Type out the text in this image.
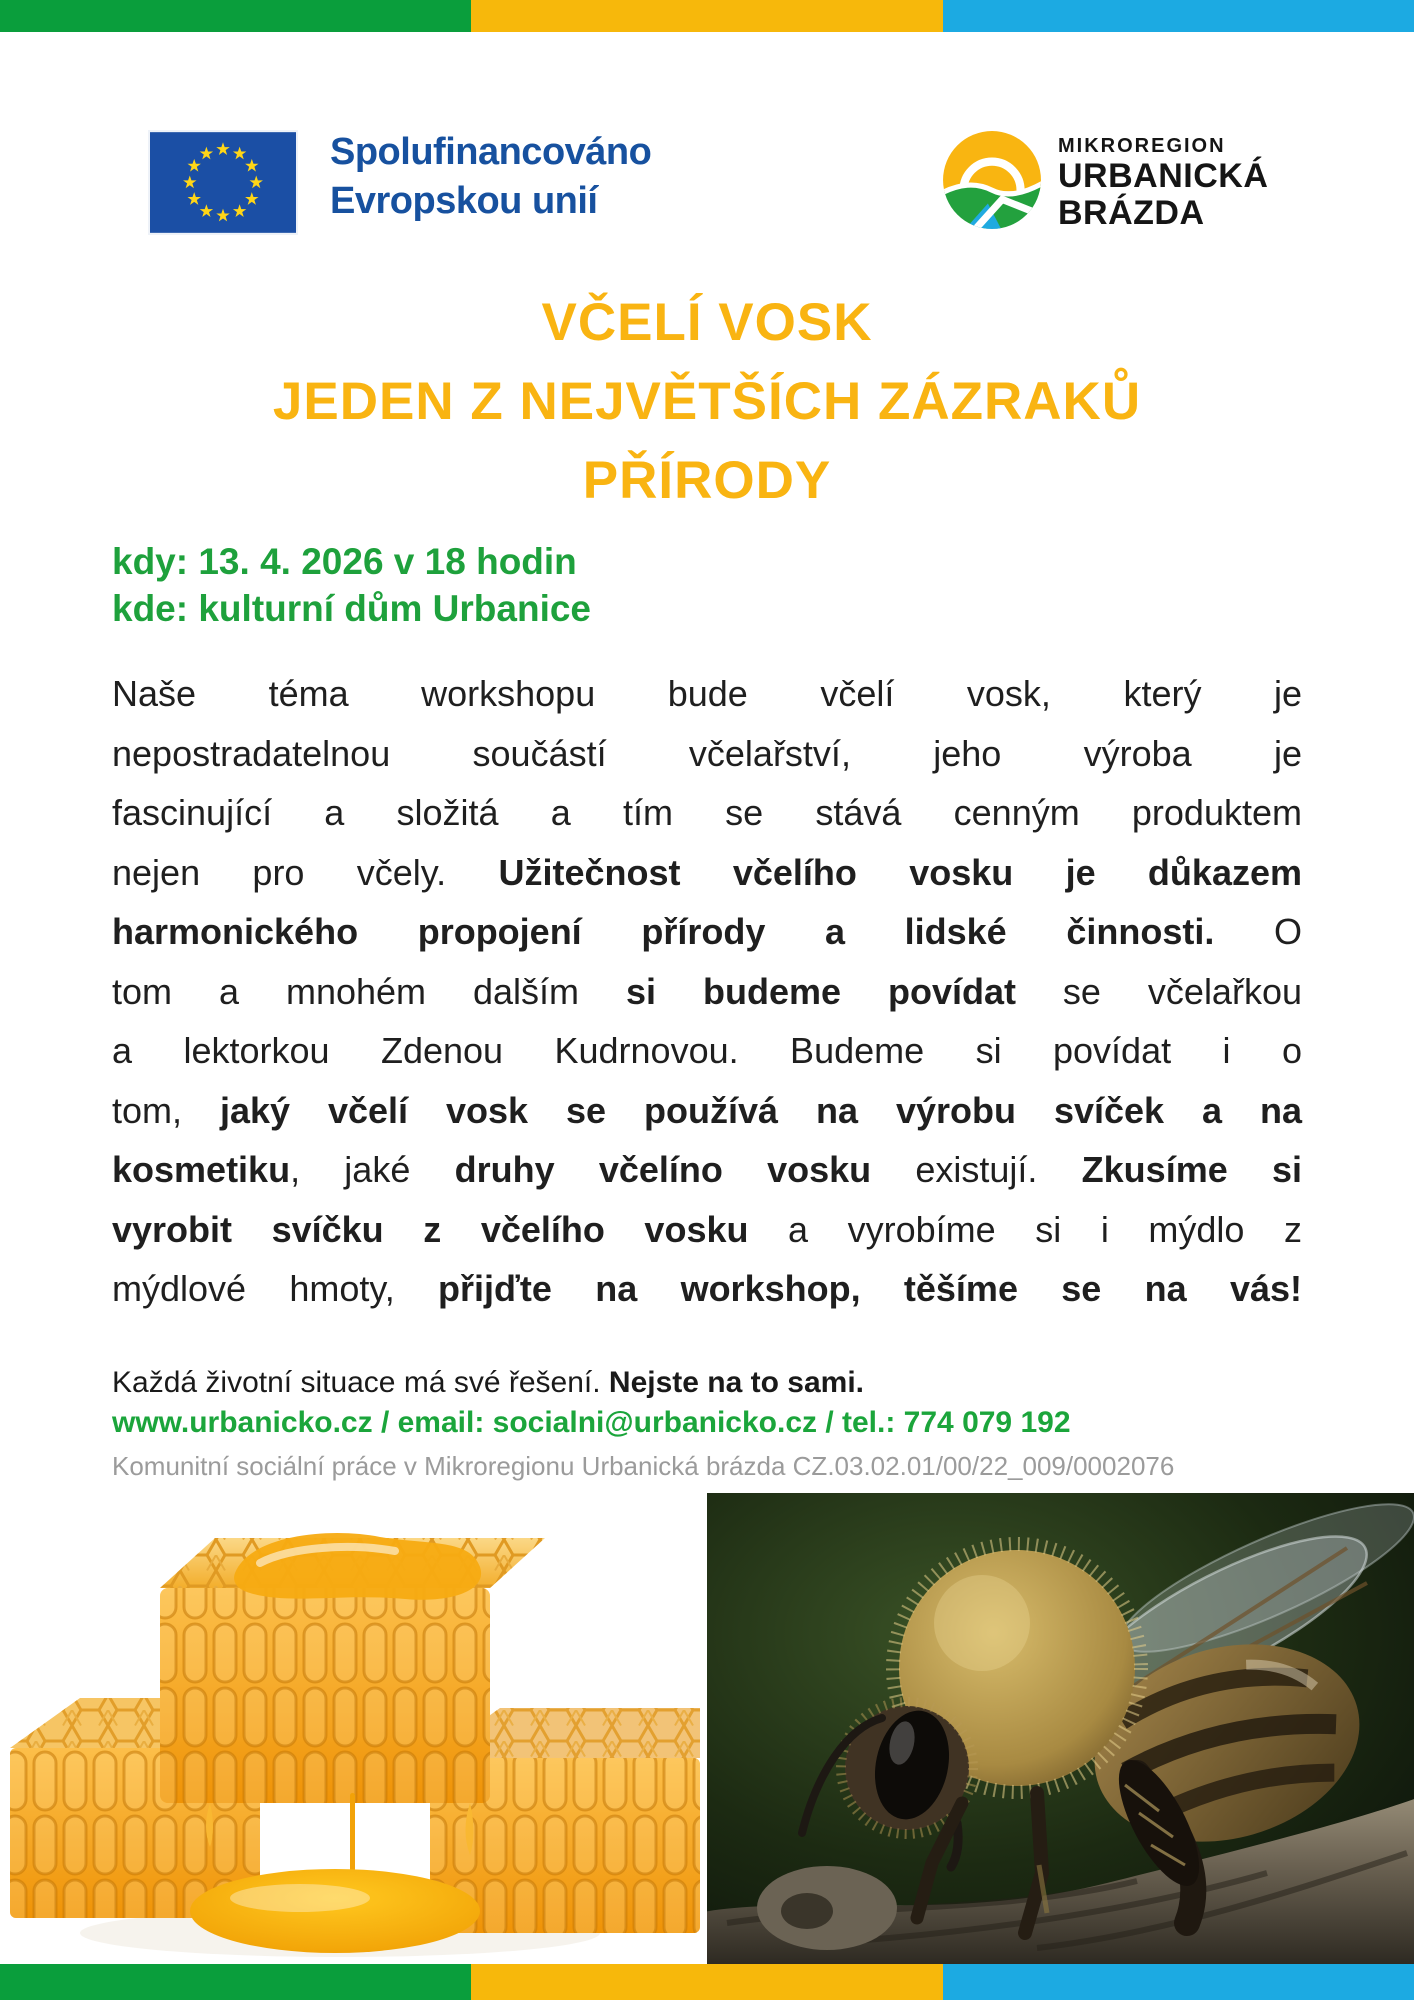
Spolufinancováno
Evropskou unií
MIKROREGION
URBANICKÁ
BRÁZDA
VČELÍ VOSK
JEDEN Z NEJVĚTŠÍCH ZÁZRAKŮ
PŘÍRODY
kdy: 13. 4. 2026 v 18 hodin
kde: kulturní dům Urbanice
Naše téma workshopu bude včelí vosk, který je
nepostradatelnou součástí včelařství, jeho výroba je
fascinující a složitá a tím se stává cenným produktem
nejen pro včely. Užitečnost včelího vosku je důkazem
harmonického propojení přírody a lidské činnosti. O
tom a mnohém dalším si budeme povídat se včelařkou
a lektorkou Zdenou Kudrnovou. Budeme si povídat i o
tom, jaký včelí vosk se používá na výrobu svíček a na
kosmetiku, jaké druhy včelíno vosku existují. Zkusíme si
vyrobit svíčku z včelího vosku a vyrobíme si i mýdlo z
mýdlové hmoty, přijďte na workshop, těšíme se na vás!
Každá životní situace má své řešení. Nejste na to sami.
www.urbanicko.cz / email: socialni@urbanicko.cz / tel.: 774 079 192
Komunitní sociální práce v Mikroregionu Urbanická brázda CZ.03.02.01/00/22_009/0002076
